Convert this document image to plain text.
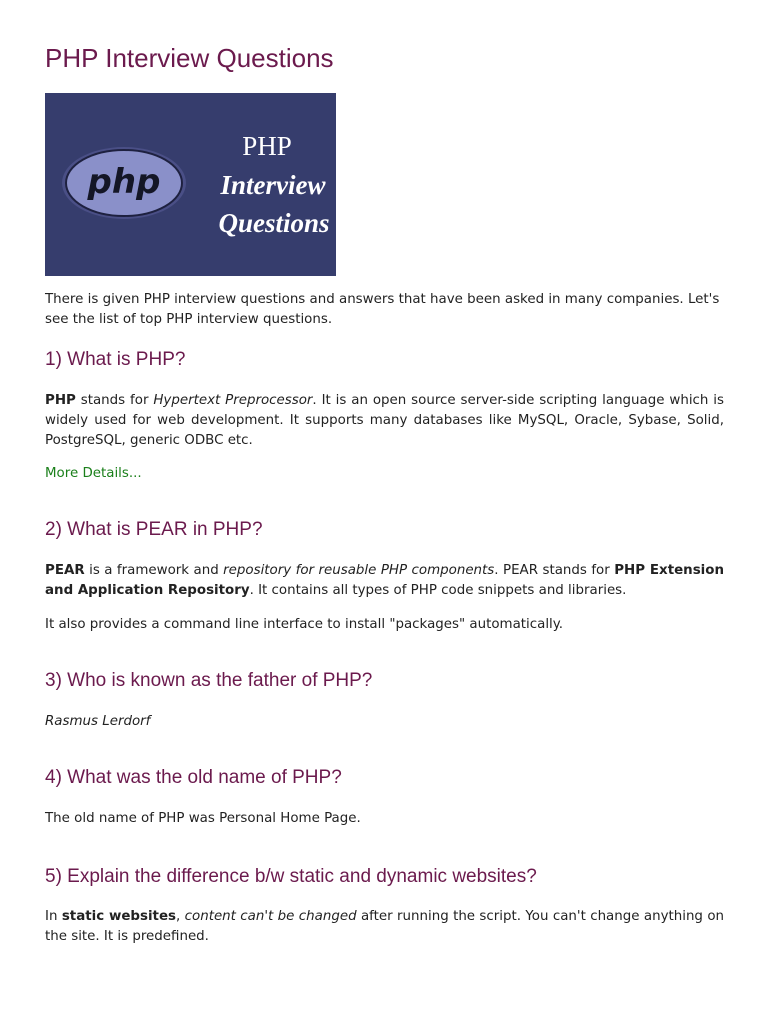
PHP Interview Questions
php
PHP
Interview
Questions

There is given PHP interview questions and answers that have been asked in many companies. Let's
see the list of top PHP interview questions.

1) What is PHP?

PHP stands for Hypertext Preprocessor. It is an open source server-side scripting language which is widely used for web development. It supports many databases like MySQL, Oracle, Sybase, Solid, PostgreSQL, generic ODBC etc.

More Details...

2) What is PEAR in PHP?

PEAR is a framework and repository for reusable PHP components. PEAR stands for PHP Extension and Application Repository. It contains all types of PHP code snippets and libraries.

It also provides a command line interface to install "packages" automatically.

3) Who is known as the father of PHP?

Rasmus Lerdorf

4) What was the old name of PHP?

The old name of PHP was Personal Home Page.

5) Explain the difference b/w static and dynamic websites?

In static websites, content can't be changed after running the script. You can't change anything on the site. It is predefined.
